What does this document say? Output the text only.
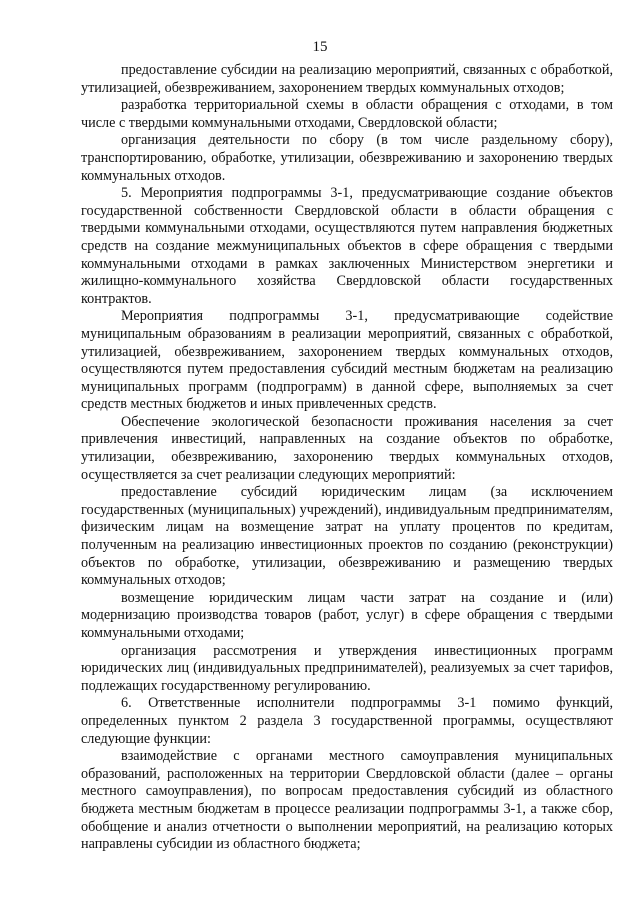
15

предоставление субсидии на реализацию мероприятий, связанных с обработкой, утилизацией, обезвреживанием, захоронением твердых коммунальных отходов;

разработка территориальной схемы в области обращения с отходами, в том числе с твердыми коммунальными отходами, Свердловской области;

организация деятельности по сбору (в том числе раздельному сбору), транспортированию, обработке, утилизации, обезвреживанию и захоронению твердых коммунальных отходов.

5. Мероприятия подпрограммы 3-1, предусматривающие создание объектов государственной собственности Свердловской области в области обращения с твердыми коммунальными отходами, осуществляются путем направления бюджетных средств на создание межмуниципальных объектов в сфере обращения с твердыми коммунальными отходами в рамках заключенных Министерством энергетики и жилищно-коммунального хозяйства Свердловской области государственных контрактов.

Мероприятия подпрограммы 3-1, предусматривающие содействие муниципальным образованиям в реализации мероприятий, связанных с обработкой, утилизацией, обезвреживанием, захоронением твердых коммунальных отходов, осуществляются путем предоставления субсидий местным бюджетам на реализацию муниципальных программ (подпрограмм) в данной сфере, выполняемых за счет средств местных бюджетов и иных привлеченных средств.

Обеспечение экологической безопасности проживания населения за счет привлечения инвестиций, направленных на создание объектов по обработке, утилизации, обезвреживанию, захоронению твердых коммунальных отходов, осуществляется за счет реализации следующих мероприятий:

предоставление субсидий юридическим лицам (за исключением государственных (муниципальных) учреждений), индивидуальным предпринимателям, физическим лицам на возмещение затрат на уплату процентов по кредитам, полученным на реализацию инвестиционных проектов по созданию (реконструкции) объектов по обработке, утилизации, обезвреживанию и размещению твердых коммунальных отходов;

возмещение юридическим лицам части затрат на создание и (или) модернизацию производства товаров (работ, услуг) в сфере обращения с твердыми коммунальными отходами;

организация рассмотрения и утверждения инвестиционных программ юридических лиц (индивидуальных предпринимателей), реализуемых за счет тарифов, подлежащих государственному регулированию.

6. Ответственные исполнители подпрограммы 3-1 помимо функций, определенных пунктом 2 раздела 3 государственной программы, осуществляют следующие функции:

взаимодействие с органами местного самоуправления муниципальных образований, расположенных на территории Свердловской области (далее – органы местного самоуправления), по вопросам предоставления субсидий из областного бюджета местным бюджетам в процессе реализации подпрограммы 3-1, а также сбор, обобщение и анализ отчетности о выполнении мероприятий, на реализацию которых направлены субсидии из областного бюджета;
